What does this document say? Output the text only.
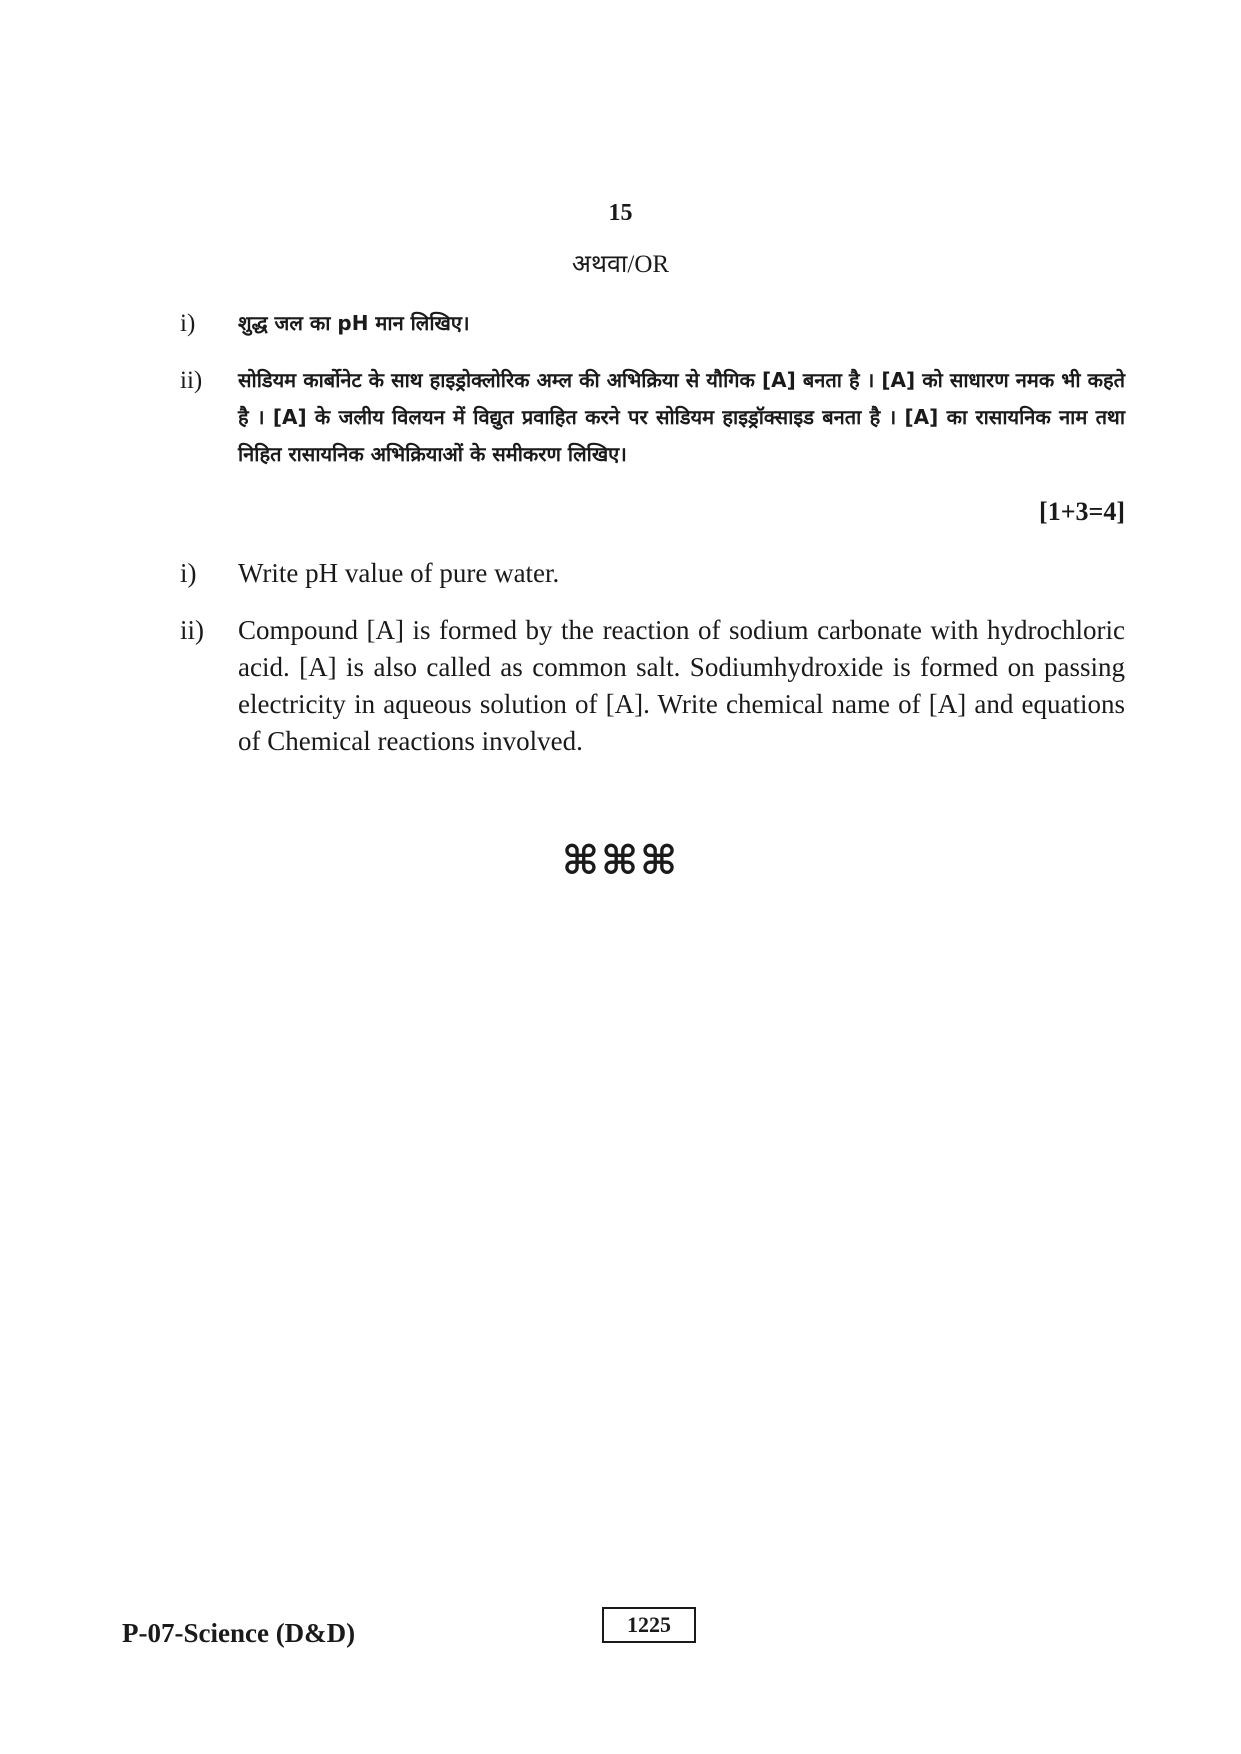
15
अथवा/OR
i)	शुद्ध जल का pH मान लिखिए।
ii)	सोडियम कार्बोनेट के साथ हाइड्रोक्लोरिक अम्ल की अभिक्रिया से यौगिक [A] बनता है । [A] को साधारण नमक भी कहते है । [A] के जलीय विलयन में विद्युत प्रवाहित करने पर सोडियम हाइड्रॉक्साइड बनता है । [A] का रासायनिक नाम तथा निहित रासायनिक अभिक्रियाओं के समीकरण लिखिए।
[1+3=4]
i)	Write pH value of pure water.
ii)	Compound [A] is formed by the reaction of sodium carbonate with hydrochloric acid. [A] is also called as common salt. Sodiumhydroxide is formed on passing electricity in aqueous solution of [A]. Write chemical name of [A] and equations of Chemical reactions involved.
⌘⌘⌘
P-07-Science (D&D)	1225
